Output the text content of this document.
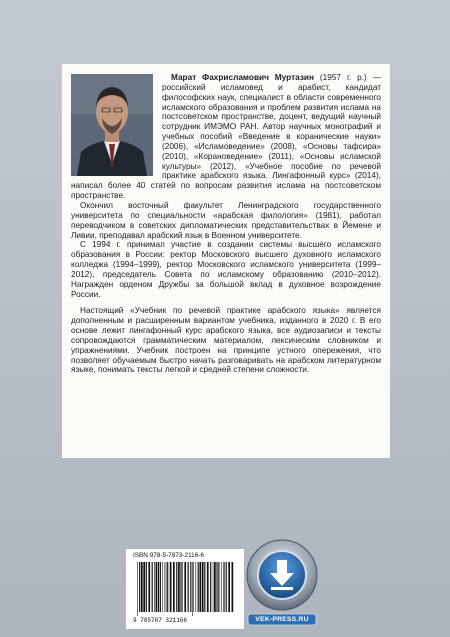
Марат Фахрисламович Муртазин (1957 г. р.) — российский исламовед и арабист, кандидат философских наук, специалист в области современного исламского образования и проблем развития ислама на постсоветском пространстве, доцент, ведущий научный сотрудник ИМЭМО РАН. Автор научных монографий и учебных пособий «Введение в коранические науки» (2006), «Исламоведение» (2008), «Основы тафсира» (2010), «Корановедение» (2011), «Основы исламской культуры» (2012), «Учебное пособие по речевой практике арабского языка. Лингафонный курс» (2014), написал более 40 статей по вопросам развития ислама на постсоветском пространстве.

Окончил восточный факультет Ленинградского государственного университета по специальности «арабская филология» (1981), работал переводчиком в советских дипломатических представительствах в Йемене и Ливии, преподавал арабский язык в Военном университете.

С 1994 г. принимал участие в создании системы высшего исламского образования в России: ректор Московского высшего духовного исламского колледжа (1994–1999), ректор Московского исламского университета (1999–2012), председатель Совета по исламскому образованию (2010–2012). Награжден орденом Дружбы за большой вклад в духовное возрождение России.

Настоящий «Учебник по речевой практике арабского языка» является дополненным и расширенным вариантом учебника, изданного в 2020 г. В его основе лежит лингафонный курс арабского языка, все аудиозаписи и тексты сопровождаются грамматическим материалом, лексическим словником и упражнениями. Учебник построен на принципе устного опережения, что позволяет обучаемым быстро начать разговаривать на арабском литературном языке, понимать тексты легкой и средней степени сложности.

ISBN 978-5-7873-2116-6
9 785787 321166	VEK-PRESS.RU
